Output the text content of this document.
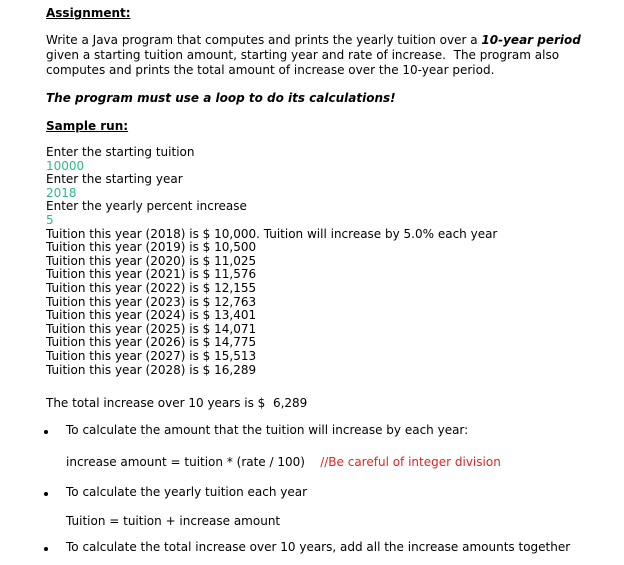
Assignment:
Write a Java program that computes and prints the yearly tuition over a 10-year period
given a starting tuition amount, starting year and rate of increase.  The program also
computes and prints the total amount of increase over the 10-year period.
The program must use a loop to do its calculations!
Sample run:
Enter the starting tuition
10000
Enter the starting year
2018
Enter the yearly percent increase
5
Tuition this year (2018) is $ 10,000. Tuition will increase by 5.0% each year
Tuition this year (2019) is $ 10,500
Tuition this year (2020) is $ 11,025
Tuition this year (2021) is $ 11,576
Tuition this year (2022) is $ 12,155
Tuition this year (2023) is $ 12,763
Tuition this year (2024) is $ 13,401
Tuition this year (2025) is $ 14,071
Tuition this year (2026) is $ 14,775
Tuition this year (2027) is $ 15,513
Tuition this year (2028) is $ 16,289
The total increase over 10 years is $  6,289
To calculate the amount that the tuition will increase by each year:
increase amount = tuition * (rate / 100) //Be careful of integer division
To calculate the yearly tuition each year
Tuition = tuition + increase amount
To calculate the total increase over 10 years, add all the increase amounts together
